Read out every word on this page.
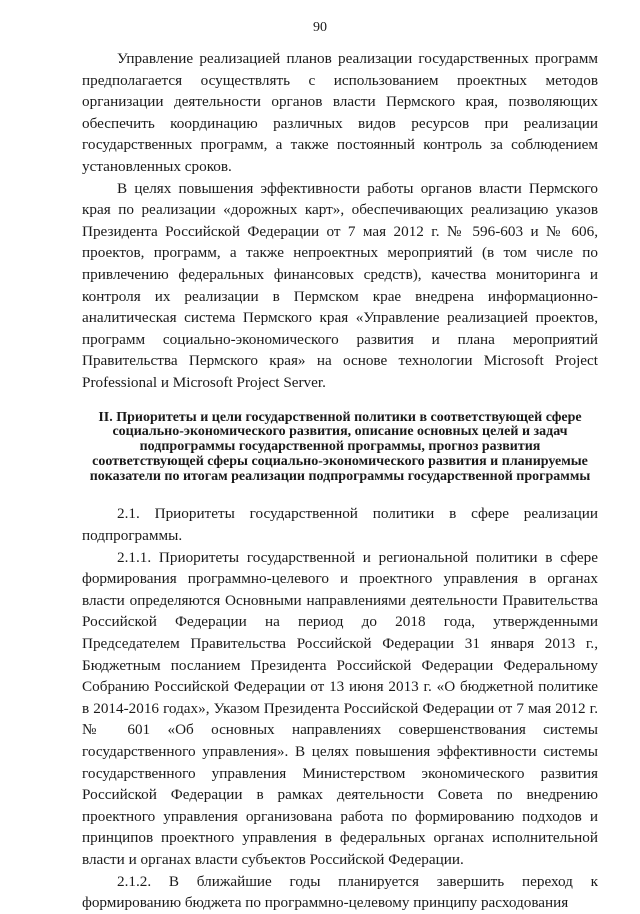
90

Управление реализацией планов реализации государственных программ предполагается осуществлять с использованием проектных методов организации деятельности органов власти Пермского края, позволяющих обеспечить координацию различных видов ресурсов при реализации государственных программ, а также постоянный контроль за соблюдением установленных сроков.

В целях повышения эффективности работы органов власти Пермского края по реализации «дорожных карт», обеспечивающих реализацию указов Президента Российской Федерации от 7 мая 2012 г. № 596-603 и № 606, проектов, программ, а также непроектных мероприятий (в том числе по привлечению федеральных финансовых средств), качества мониторинга и контроля их реализации в Пермском крае внедрена информационно-аналитическая система Пермского края «Управление реализацией проектов, программ социально-экономического развития и плана мероприятий Правительства Пермского края» на основе технологии Microsoft Project Professional и Microsoft Project Server.

II. Приоритеты и цели государственной политики в соответствующей сфере социально-экономического развития, описание основных целей и задач подпрограммы государственной программы, прогноз развития соответствующей сферы социально-экономического развития и планируемые показатели по итогам реализации подпрограммы государственной программы

2.1. Приоритеты государственной политики в сфере реализации подпрограммы.

2.1.1. Приоритеты государственной и региональной политики в сфере формирования программно-целевого и проектного управления в органах власти определяются Основными направлениями деятельности Правительства Российской Федерации на период до 2018 года, утвержденными Председателем Правительства Российской Федерации 31 января 2013 г., Бюджетным посланием Президента Российской Федерации Федеральному Собранию Российской Федерации от 13 июня 2013 г. «О бюджетной политике в 2014-2016 годах», Указом Президента Российской Федерации от 7 мая 2012 г. № 601 «Об основных направлениях совершенствования системы государственного управления». В целях повышения эффективности системы государственного управления Министерством экономического развития Российской Федерации в рамках деятельности Совета по внедрению проектного управления организована работа по формированию подходов и принципов проектного управления в федеральных органах исполнительной власти и органах власти субъектов Российской Федерации.

2.1.2. В ближайшие годы планируется завершить переход к формированию бюджета по программно-целевому принципу расходования
